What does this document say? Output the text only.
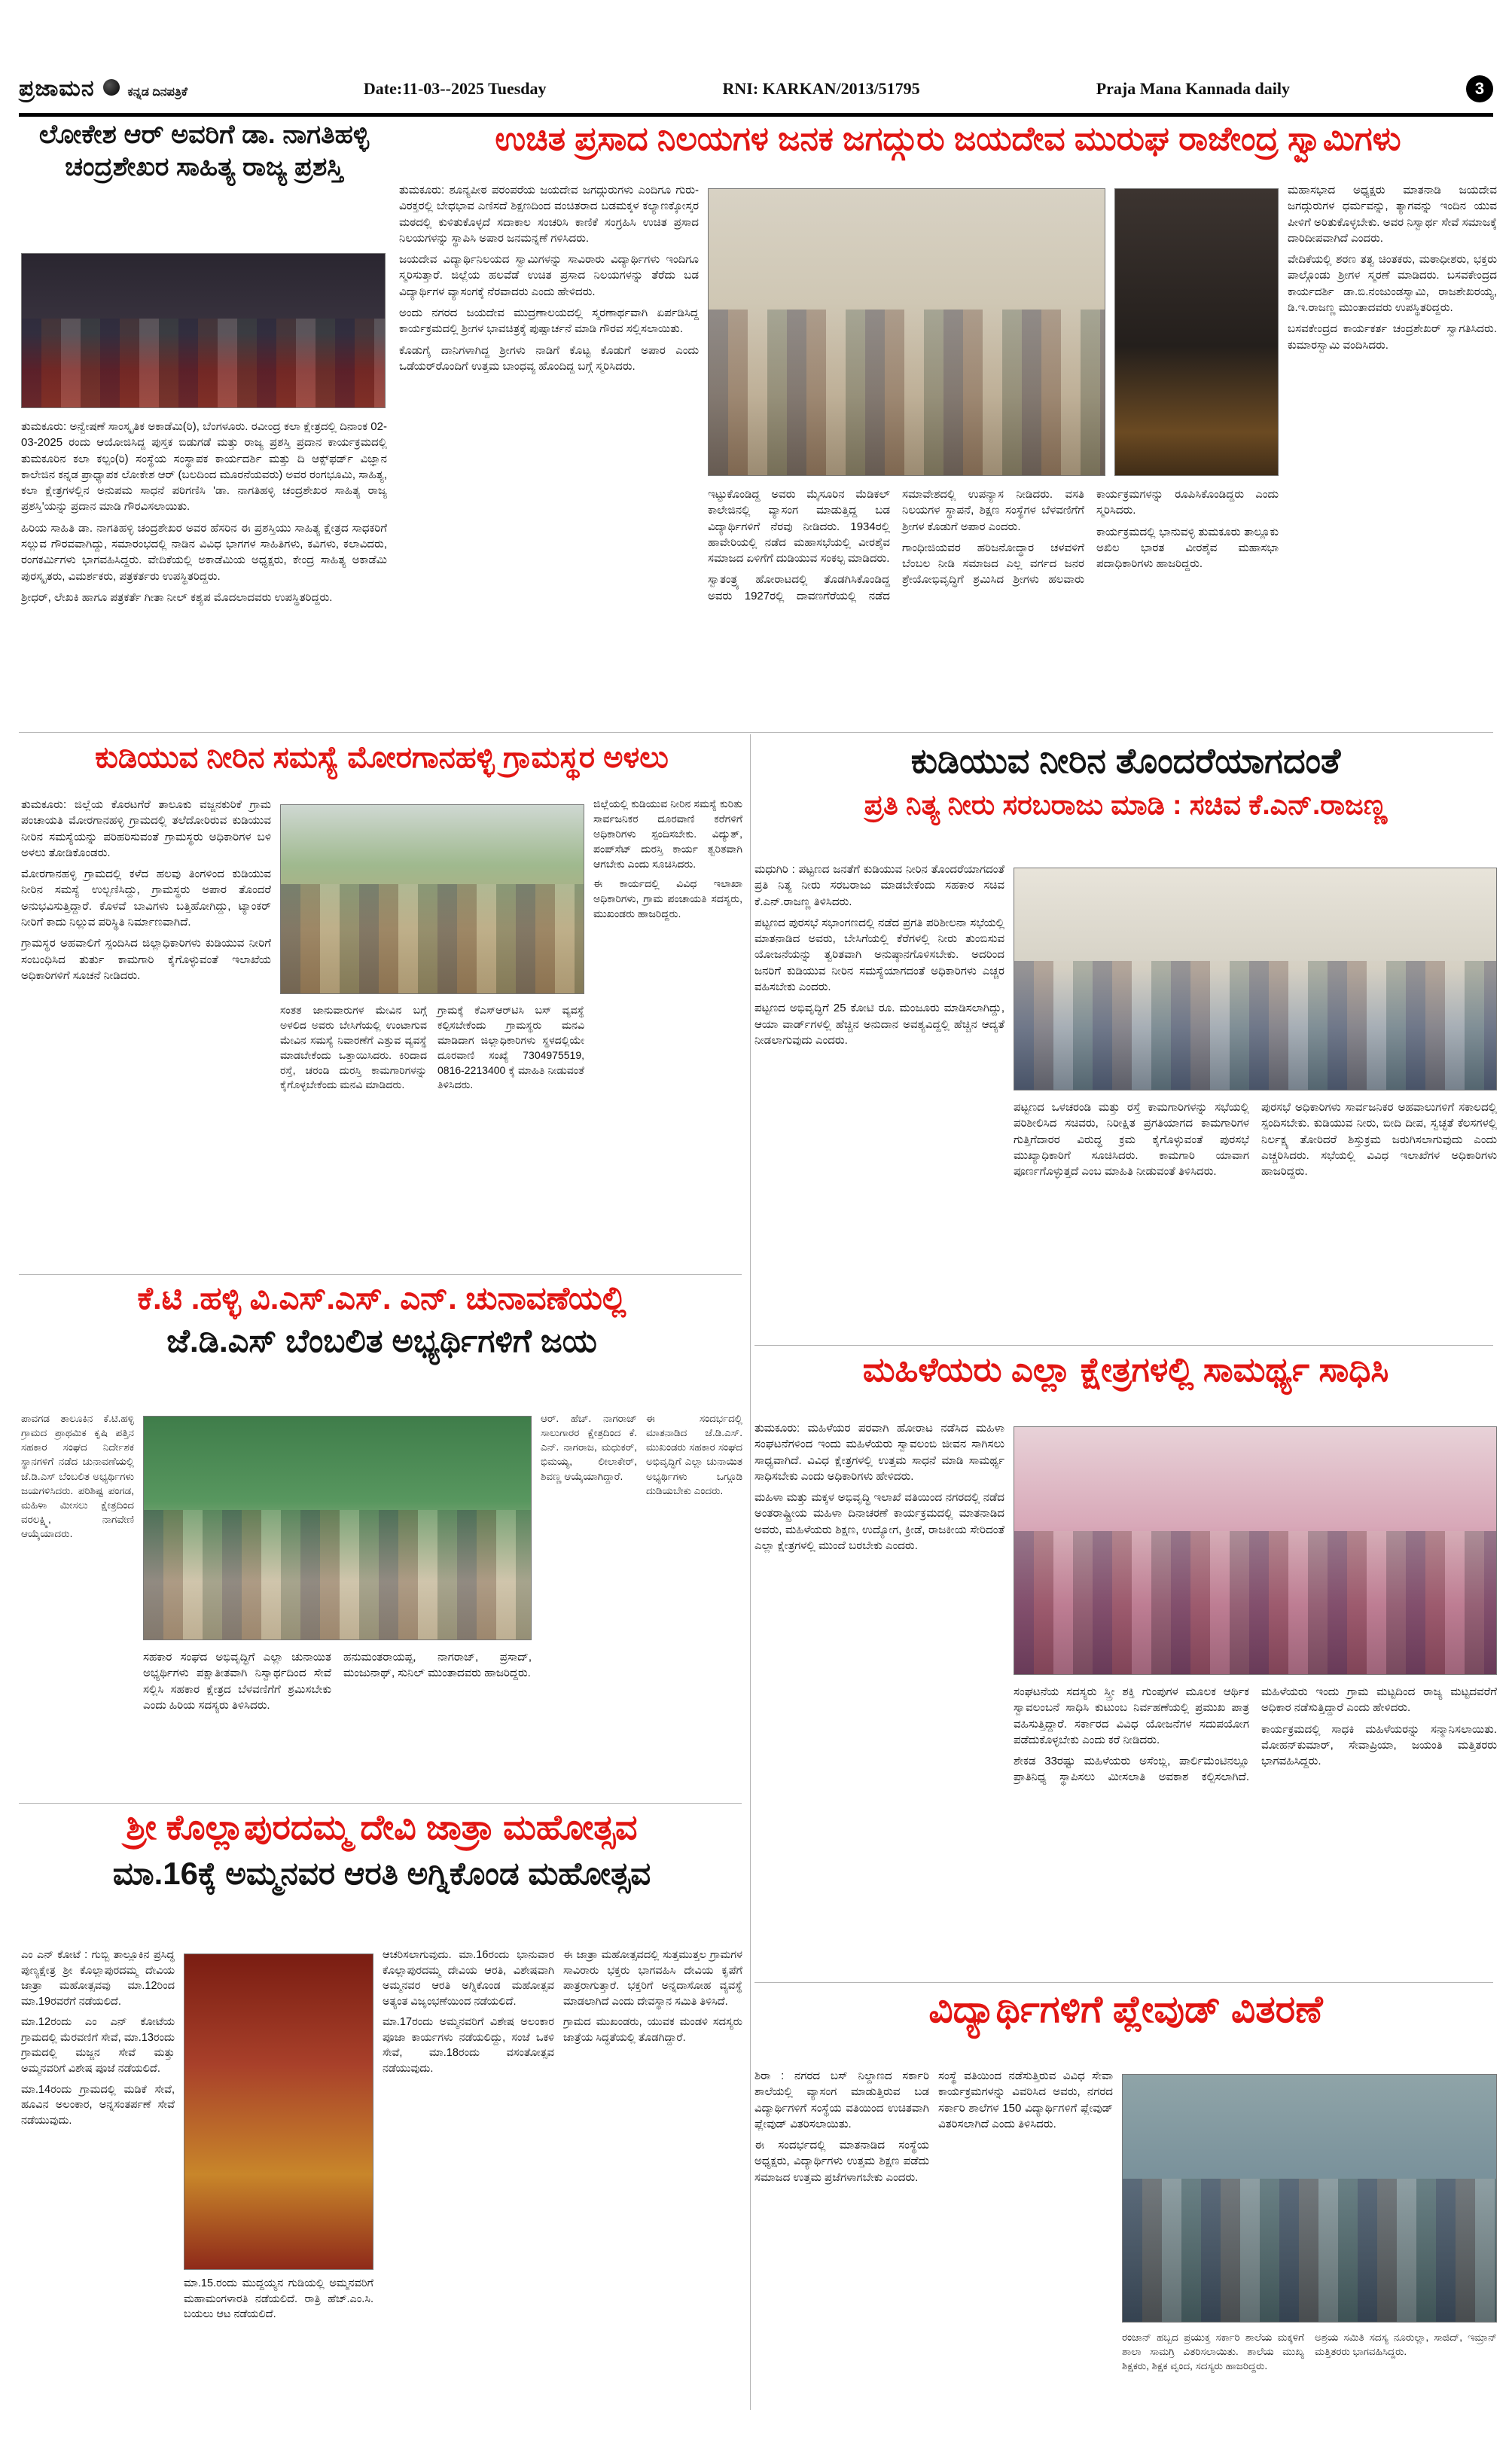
ಪ್ರಜಾಮನ	ಕನ್ನಡ ದಿನಪತ್ರಿಕೆ	Date:11-03--2025 Tuesday	RNI: KARKAN/2013/51795	Praja Mana Kannada daily	3
ಲೋಕೇಶ ಆರ್ ಅವರಿಗೆ ಡಾ. ನಾಗತಿಹಳ್ಳಿ ಚಂದ್ರಶೇಖರ ಸಾಹಿತ್ಯ ರಾಜ್ಯ ಪ್ರಶಸ್ತಿ

ತುಮಕೂರು: ಅನ್ವೇಷಣೆ ಸಾಂಸ್ಕೃತಿಕ ಅಕಾಡೆಮಿ(ರಿ), ಬೆಂಗಳೂರು. ರವೀಂದ್ರ ಕಲಾ ಕ್ಷೇತ್ರದಲ್ಲಿ ದಿನಾಂಕ 02-03-2025 ರಂದು ಆಯೋಜಿಸಿದ್ದ ಪುಸ್ತಕ ಬಿಡುಗಡೆ ಮತ್ತು ರಾಜ್ಯ ಪ್ರಶಸ್ತಿ ಪ್ರದಾನ ಕಾರ್ಯಕ್ರಮದಲ್ಲಿ ತುಮಕೂರಿನ ಕಲಾ ಕಲ್ಪಂ(ರಿ) ಸಂಸ್ಥೆಯ ಸಂಸ್ಥಾಪಕ ಕಾರ್ಯದರ್ಶಿ ಮತ್ತು ದಿ ಆಕ್ಸ್‌ಫರ್ಡ್ ವಿಜ್ಞಾನ ಕಾಲೇಜಿನ ಕನ್ನಡ ಪ್ರಾಧ್ಯಾಪಕ ಲೋಕೇಶ ಆರ್ (ಬಲದಿಂದ ಮೂರನೆಯವರು) ಅವರ ರಂಗಭೂಮಿ, ಸಾಹಿತ್ಯ, ಕಲಾ ಕ್ಷೇತ್ರಗಳಲ್ಲಿನ ಅನುಪಮ ಸಾಧನೆ ಪರಿಗಣಿಸಿ 'ಡಾ. ನಾಗತಿಹಳ್ಳಿ ಚಂದ್ರಶೇಖರ ಸಾಹಿತ್ಯ ರಾಜ್ಯ ಪ್ರಶಸ್ತಿ'ಯನ್ನು ಪ್ರದಾನ ಮಾಡಿ ಗೌರವಿಸಲಾಯಿತು.

ಹಿರಿಯ ಸಾಹಿತಿ ಡಾ. ನಾಗತಿಹಳ್ಳಿ ಚಂದ್ರಶೇಖರ ಅವರ ಹೆಸರಿನ ಈ ಪ್ರಶಸ್ತಿಯು ಸಾಹಿತ್ಯ ಕ್ಷೇತ್ರದ ಸಾಧಕರಿಗೆ ಸಲ್ಲುವ ಗೌರವವಾಗಿದ್ದು, ಸಮಾರಂಭದಲ್ಲಿ ನಾಡಿನ ವಿವಿಧ ಭಾಗಗಳ ಸಾಹಿತಿಗಳು, ಕವಿಗಳು, ಕಲಾವಿದರು, ರಂಗಕರ್ಮಿಗಳು ಭಾಗವಹಿಸಿದ್ದರು. ವೇದಿಕೆಯಲ್ಲಿ ಅಕಾಡೆಮಿಯ ಅಧ್ಯಕ್ಷರು, ಕೇಂದ್ರ ಸಾಹಿತ್ಯ ಅಕಾಡೆಮಿ ಪುರಸ್ಕೃತರು, ವಿಮರ್ಶಕರು, ಪತ್ರಕರ್ತರು ಉಪಸ್ಥಿತರಿದ್ದರು.

ಶ್ರೀಧರ್, ಲೇಖಕಿ ಹಾಗೂ ಪತ್ರಕರ್ತೆ ಗೀತಾ ನೀಲ್ ಕಶ್ಯಪ ಮೊದಲಾದವರು ಉಪಸ್ಥಿತರಿದ್ದರು.

ಉಚಿತ ಪ್ರಸಾದ ನಿಲಯಗಳ ಜನಕ ಜಗದ್ಗುರು ಜಯದೇವ ಮುರುಘ ರಾಜೇಂದ್ರ ಸ್ವಾಮಿಗಳು

ತುಮಕೂರು: ಶೂನ್ಯಪೀಠ ಪರಂಪರೆಯ ಜಯದೇವ ಜಗದ್ಗುರುಗಳು ಎಂದಿಗೂ ಗುರು-ವಿರಕ್ತರಲ್ಲಿ ಬೇಧಭಾವ ಎಣಿಸದೆ ಶಿಕ್ಷಣದಿಂದ ವಂಚಿತರಾದ ಬಡಮಕ್ಕಳ ಕಲ್ಯಾಣಕ್ಕೋಸ್ಕರ ಮಠದಲ್ಲಿ ಕುಳಿತುಕೊಳ್ಳದೆ ಸದಾಕಾಲ ಸಂಚರಿಸಿ ಕಾಣಿಕೆ ಸಂಗ್ರಹಿಸಿ ಉಚಿತ ಪ್ರಸಾದ ನಿಲಯಗಳನ್ನು ಸ್ಥಾಪಿಸಿ ಅಪಾರ ಜನಮನ್ನಣೆ ಗಳಿಸಿದರು.

ಜಯದೇವ ವಿದ್ಯಾರ್ಥಿನಿಲಯದ ಸ್ವಾಮಿಗಳನ್ನು ಸಾವಿರಾರು ವಿದ್ಯಾರ್ಥಿಗಳು ಇಂದಿಗೂ ಸ್ಮರಿಸುತ್ತಾರೆ. ಜಿಲ್ಲೆಯ ಹಲವೆಡೆ ಉಚಿತ ಪ್ರಸಾದ ನಿಲಯಗಳನ್ನು ತೆರೆದು ಬಡ ವಿದ್ಯಾರ್ಥಿಗಳ ವ್ಯಾಸಂಗಕ್ಕೆ ನೆರವಾದರು ಎಂದು ಹೇಳಿದರು.

ಅಂದು ನಗರದ ಜಯದೇವ ಮುದ್ರಣಾಲಯದಲ್ಲಿ ಸ್ಮರಣಾರ್ಥವಾಗಿ ಏರ್ಪಡಿಸಿದ್ದ ಕಾರ್ಯಕ್ರಮದಲ್ಲಿ ಶ್ರೀಗಳ ಭಾವಚಿತ್ರಕ್ಕೆ ಪುಷ್ಪಾರ್ಚನೆ ಮಾಡಿ ಗೌರವ ಸಲ್ಲಿಸಲಾಯಿತು.

ಕೊಡುಗೈ ದಾನಿಗಳಾಗಿದ್ದ ಶ್ರೀಗಳು ನಾಡಿಗೆ ಕೊಟ್ಟ ಕೊಡುಗೆ ಅಪಾರ ಎಂದು ಒಡೆಯರ್‌ರೊಂದಿಗೆ ಉತ್ತಮ ಬಾಂಧವ್ಯ ಹೊಂದಿದ್ದ ಬಗ್ಗೆ ಸ್ಮರಿಸಿದರು.

ಇಟ್ಟುಕೊಂಡಿದ್ದ ಅವರು ಮೈಸೂರಿನ ಮೆಡಿಕಲ್ ಕಾಲೇಜಿನಲ್ಲಿ ವ್ಯಾಸಂಗ ಮಾಡುತ್ತಿದ್ದ ಬಡ ವಿದ್ಯಾರ್ಥಿಗಳಿಗೆ ನೆರವು ನೀಡಿದರು. 1934ರಲ್ಲಿ ಹಾವೇರಿಯಲ್ಲಿ ನಡೆದ ಮಹಾಸಭೆಯಲ್ಲಿ ವೀರಶೈವ ಸಮಾಜದ ಏಳಿಗೆಗೆ ದುಡಿಯುವ ಸಂಕಲ್ಪ ಮಾಡಿದರು.

ಸ್ವಾತಂತ್ರ್ಯ ಹೋರಾಟದಲ್ಲಿ ತೊಡಗಿಸಿಕೊಂಡಿದ್ದ ಅವರು 1927ರಲ್ಲಿ ದಾವಣಗೆರೆಯಲ್ಲಿ ನಡೆದ ಸಮಾವೇಶದಲ್ಲಿ ಉಪನ್ಯಾಸ ನೀಡಿದರು. ವಸತಿ ನಿಲಯಗಳ ಸ್ಥಾಪನೆ, ಶಿಕ್ಷಣ ಸಂಸ್ಥೆಗಳ ಬೆಳವಣಿಗೆಗೆ ಶ್ರೀಗಳ ಕೊಡುಗೆ ಅಪಾರ ಎಂದರು.

ಗಾಂಧೀಜಿಯವರ ಹರಿಜನೋದ್ಧಾರ ಚಳವಳಿಗೆ ಬೆಂಬಲ ನೀಡಿ ಸಮಾಜದ ಎಲ್ಲ ವರ್ಗದ ಜನರ ಶ್ರೇಯೋಭಿವೃದ್ಧಿಗೆ ಶ್ರಮಿಸಿದ ಶ್ರೀಗಳು ಹಲವಾರು ಕಾರ್ಯಕ್ರಮಗಳನ್ನು ರೂಪಿಸಿಕೊಂಡಿದ್ದರು ಎಂದು ಸ್ಮರಿಸಿದರು.

ಕಾರ್ಯಕ್ರಮದಲ್ಲಿ ಭಾನುವಳ್ಳಿ ತುಮಕೂರು ತಾಲ್ಲೂಕು ಅಖಿಲ ಭಾರತ ವೀರಶೈವ ಮಹಾಸಭಾ ಪದಾಧಿಕಾರಿಗಳು ಹಾಜರಿದ್ದರು.

ಮಹಾಸಭಾದ ಅಧ್ಯಕ್ಷರು ಮಾತನಾಡಿ ಜಯದೇವ ಜಗದ್ಗುರುಗಳ ಧರ್ಮವನ್ನು, ತ್ಯಾಗವನ್ನು ಇಂದಿನ ಯುವ ಪೀಳಿಗೆ ಅರಿತುಕೊಳ್ಳಬೇಕು. ಅವರ ನಿಸ್ವಾರ್ಥ ಸೇವೆ ಸಮಾಜಕ್ಕೆ ದಾರಿದೀಪವಾಗಿದೆ ಎಂದರು.

ವೇದಿಕೆಯಲ್ಲಿ ಶರಣ ತತ್ವ ಚಿಂತಕರು, ಮಠಾಧೀಶರು, ಭಕ್ತರು ಪಾಲ್ಗೊಂಡು ಶ್ರೀಗಳ ಸ್ಮರಣೆ ಮಾಡಿದರು. ಬಸವಕೇಂದ್ರದ ಕಾರ್ಯದರ್ಶಿ ಡಾ.ಬಿ.ನಂಜುಂಡಸ್ವಾಮಿ, ರಾಜಶೇಖರಯ್ಯ, ಡಿ.ಇ.ರಾಜಣ್ಣ ಮುಂತಾದವರು ಉಪಸ್ಥಿತರಿದ್ದರು.

ಬಸವಕೇಂದ್ರದ ಕಾರ್ಯಕರ್ತ ಚಂದ್ರಶೇಖರ್ ಸ್ವಾಗತಿಸಿದರು. ಕುಮಾರಸ್ವಾಮಿ ವಂದಿಸಿದರು.

ಕುಡಿಯುವ ನೀರಿನ ಸಮಸ್ಯೆ ಮೋರಗಾನಹಳ್ಳಿ ಗ್ರಾಮಸ್ಥರ ಅಳಲು

ತುಮಕೂರು: ಜಿಲ್ಲೆಯ ಕೊರಟಗೆರೆ ತಾಲೂಕು ವಜ್ಜನಕುರಿಕೆ ಗ್ರಾಮ ಪಂಚಾಯತಿ ಮೋರಗಾನಹಳ್ಳಿ ಗ್ರಾಮದಲ್ಲಿ ತಲೆದೋರಿರುವ ಕುಡಿಯುವ ನೀರಿನ ಸಮಸ್ಯೆಯನ್ನು ಪರಿಹರಿಸುವಂತೆ ಗ್ರಾಮಸ್ಥರು ಅಧಿಕಾರಿಗಳ ಬಳಿ ಅಳಲು ತೋಡಿಕೊಂಡರು.

ಮೋರಗಾನಹಳ್ಳಿ ಗ್ರಾಮದಲ್ಲಿ ಕಳೆದ ಹಲವು ತಿಂಗಳಿಂದ ಕುಡಿಯುವ ನೀರಿನ ಸಮಸ್ಯೆ ಉಲ್ಬಣಿಸಿದ್ದು, ಗ್ರಾಮಸ್ಥರು ಅಪಾರ ತೊಂದರೆ ಅನುಭವಿಸುತ್ತಿದ್ದಾರೆ. ಕೊಳವೆ ಬಾವಿಗಳು ಬತ್ತಿಹೋಗಿದ್ದು, ಟ್ಯಾಂಕರ್ ನೀರಿಗೆ ಕಾದು ನಿಲ್ಲುವ ಪರಿಸ್ಥಿತಿ ನಿರ್ಮಾಣವಾಗಿದೆ.

ಗ್ರಾಮಸ್ಥರ ಅಹವಾಲಿಗೆ ಸ್ಪಂದಿಸಿದ ಜಿಲ್ಲಾಧಿಕಾರಿಗಳು ಕುಡಿಯುವ ನೀರಿಗೆ ಸಂಬಂಧಿಸಿದ ತುರ್ತು ಕಾಮಗಾರಿ ಕೈಗೊಳ್ಳುವಂತೆ ಇಲಾಖೆಯ ಅಧಿಕಾರಿಗಳಿಗೆ ಸೂಚನೆ ನೀಡಿದರು.

ಸಂತತ ಜಾನುವಾರುಗಳ ಮೇವಿನ ಬಗ್ಗೆ ಅಳಲಿದ ಅವರು ಬೇಸಿಗೆಯಲ್ಲಿ ಉಂಟಾಗುವ ಮೇವಿನ ಸಮಸ್ಯೆ ನಿವಾರಣೆಗೆ ಎತ್ತುವ ವ್ಯವಸ್ಥೆ ಮಾಡಬೇಕೆಂದು ಒತ್ತಾಯಿಸಿದರು. ಕಿರಿದಾದ ರಸ್ತೆ, ಚರಂಡಿ ದುರಸ್ತಿ ಕಾಮಗಾರಿಗಳನ್ನು ಕೈಗೊಳ್ಳಬೇಕೆಂದು ಮನವಿ ಮಾಡಿದರು.

ಗ್ರಾಮಕ್ಕೆ ಕೆಎಸ್‌ಆರ್‌ಟಿಸಿ ಬಸ್ ವ್ಯವಸ್ಥೆ ಕಲ್ಪಿಸಬೇಕೆಂದು ಗ್ರಾಮಸ್ಥರು ಮನವಿ ಮಾಡಿದಾಗ ಜಿಲ್ಲಾಧಿಕಾರಿಗಳು ಸ್ಥಳದಲ್ಲಿಯೇ ದೂರವಾಣಿ ಸಂಖ್ಯೆ 7304975519, 0816-2213400 ಕ್ಕೆ ಮಾಹಿತಿ ನೀಡುವಂತೆ ತಿಳಿಸಿದರು.

ಜಿಲ್ಲೆಯಲ್ಲಿ ಕುಡಿಯುವ ನೀರಿನ ಸಮಸ್ಯೆ ಕುರಿತು ಸಾರ್ವಜನಿಕರ ದೂರವಾಣಿ ಕರೆಗಳಿಗೆ ಅಧಿಕಾರಿಗಳು ಸ್ಪಂದಿಸಬೇಕು. ವಿದ್ಯುತ್, ಪಂಪ್‌ಸೆಟ್ ದುರಸ್ತಿ ಕಾರ್ಯ ತ್ವರಿತವಾಗಿ ಆಗಬೇಕು ಎಂದು ಸೂಚಿಸಿದರು.

ಈ ಕಾರ್ಯದಲ್ಲಿ ವಿವಿಧ ಇಲಾಖಾ ಅಧಿಕಾರಿಗಳು, ಗ್ರಾಮ ಪಂಚಾಯತಿ ಸದಸ್ಯರು, ಮುಖಂಡರು ಹಾಜರಿದ್ದರು.

ಕುಡಿಯುವ ನೀರಿನ ತೊಂದರೆಯಾಗದಂತೆ
ಪ್ರತಿ ನಿತ್ಯ ನೀರು ಸರಬರಾಜು ಮಾಡಿ : ಸಚಿವ ಕೆ.ಎನ್.ರಾಜಣ್ಣ

ಮಧುಗಿರಿ : ಪಟ್ಟಣದ ಜನತೆಗೆ ಕುಡಿಯುವ ನೀರಿನ ತೊಂದರೆಯಾಗದಂತೆ ಪ್ರತಿ ನಿತ್ಯ ನೀರು ಸರಬರಾಜು ಮಾಡಬೇಕೆಂದು ಸಹಕಾರ ಸಚಿವ ಕೆ.ಎನ್.ರಾಜಣ್ಣ ತಿಳಿಸಿದರು.

ಪಟ್ಟಣದ ಪುರಸಭೆ ಸಭಾಂಗಣದಲ್ಲಿ ನಡೆದ ಪ್ರಗತಿ ಪರಿಶೀಲನಾ ಸಭೆಯಲ್ಲಿ ಮಾತನಾಡಿದ ಅವರು, ಬೇಸಿಗೆಯಲ್ಲಿ ಕೆರೆಗಳಲ್ಲಿ ನೀರು ತುಂಬಿಸುವ ಯೋಜನೆಯನ್ನು ತ್ವರಿತವಾಗಿ ಅನುಷ್ಠಾನಗೊಳಿಸಬೇಕು. ಅದರಿಂದ ಜನರಿಗೆ ಕುಡಿಯುವ ನೀರಿನ ಸಮಸ್ಯೆಯಾಗದಂತೆ ಅಧಿಕಾರಿಗಳು ಎಚ್ಚರ ವಹಿಸಬೇಕು ಎಂದರು.

ಪಟ್ಟಣದ ಅಭಿವೃದ್ಧಿಗೆ 25 ಕೋಟಿ ರೂ. ಮಂಜೂರು ಮಾಡಿಸಲಾಗಿದ್ದು, ಆಯಾ ವಾರ್ಡ್‌ಗಳಲ್ಲಿ ಹೆಚ್ಚಿನ ಅನುದಾನ ಅವಶ್ಯವಿದ್ದಲ್ಲಿ ಹೆಚ್ಚಿನ ಆದ್ಯತೆ ನೀಡಲಾಗುವುದು ಎಂದರು.

ಪಟ್ಟಣದ ಒಳಚರಂಡಿ ಮತ್ತು ರಸ್ತೆ ಕಾಮಗಾರಿಗಳನ್ನು ಸಭೆಯಲ್ಲಿ ಪರಿಶೀಲಿಸಿದ ಸಚಿವರು, ನಿರೀಕ್ಷಿತ ಪ್ರಗತಿಯಾಗದ ಕಾಮಗಾರಿಗಳ ಗುತ್ತಿಗೆದಾರರ ವಿರುದ್ಧ ಕ್ರಮ ಕೈಗೊಳ್ಳುವಂತೆ ಪುರಸಭೆ ಮುಖ್ಯಾಧಿಕಾರಿಗೆ ಸೂಚಿಸಿದರು. ಕಾಮಗಾರಿ ಯಾವಾಗ ಪೂರ್ಣಗೊಳ್ಳುತ್ತದೆ ಎಂಬ ಮಾಹಿತಿ ನೀಡುವಂತೆ ತಿಳಿಸಿದರು.

ಪುರಸಭೆ ಅಧಿಕಾರಿಗಳು ಸಾರ್ವಜನಿಕರ ಅಹವಾಲುಗಳಿಗೆ ಸಕಾಲದಲ್ಲಿ ಸ್ಪಂದಿಸಬೇಕು. ಕುಡಿಯುವ ನೀರು, ಬೀದಿ ದೀಪ, ಸ್ವಚ್ಛತೆ ಕೆಲಸಗಳಲ್ಲಿ ನಿರ್ಲಕ್ಷ್ಯ ತೋರಿದರೆ ಶಿಸ್ತುಕ್ರಮ ಜರುಗಿಸಲಾಗುವುದು ಎಂದು ಎಚ್ಚರಿಸಿದರು. ಸಭೆಯಲ್ಲಿ ವಿವಿಧ ಇಲಾಖೆಗಳ ಅಧಿಕಾರಿಗಳು ಹಾಜರಿದ್ದರು.

ಕೆ.ಟಿ .ಹಳ್ಳಿ ವಿ.ಎಸ್.ಎಸ್. ಎನ್. ಚುನಾವಣೆಯಲ್ಲಿ
ಜೆ.ಡಿ.ಎಸ್ ಬೆಂಬಲಿತ ಅಭ್ಯರ್ಥಿಗಳಿಗೆ ಜಯ

ಪಾವಗಡ ತಾಲೂಕಿನ ಕೆ.ಟಿ.ಹಳ್ಳಿ ಗ್ರಾಮದ ಪ್ರಾಥಮಿಕ ಕೃಷಿ ಪತ್ತಿನ ಸಹಕಾರ ಸಂಘದ ನಿರ್ದೇಶಕ ಸ್ಥಾನಗಳಿಗೆ ನಡೆದ ಚುನಾವಣೆಯಲ್ಲಿ ಜೆ.ಡಿ.ಎಸ್ ಬೆಂಬಲಿತ ಅಭ್ಯರ್ಥಿಗಳು ಜಯಗಳಿಸಿದರು. ಪರಿಶಿಷ್ಟ ಪಂಗಡ, ಮಹಿಳಾ ಮೀಸಲು ಕ್ಷೇತ್ರದಿಂದ ವರಲಕ್ಷ್ಮಿ, ನಾಗವೇಣಿ ಆಯ್ಕೆಯಾದರು.

ಆರ್. ಹೆಚ್. ನಾಗರಾಜ್ ಸಾಲುಗಾರರ ಕ್ಷೇತ್ರದಿಂದ ಕೆ. ಎನ್. ನಾಗರಾಜ, ಮಧುಕರ್, ಭಿಮಯ್ಯ, ಲೀಲಾಕೇರ್, ಶಿವಣ್ಣ ಆಯ್ಕೆಯಾಗಿದ್ದಾರೆ.

ಈ ಸಂದರ್ಭದಲ್ಲಿ ಮಾತನಾಡಿದ ಜೆ.ಡಿ.ಎಸ್. ಮುಖಂಡರು ಸಹಕಾರ ಸಂಘದ ಅಭಿವೃದ್ಧಿಗೆ ಎಲ್ಲಾ ಚುನಾಯಿತ ಅಭ್ಯರ್ಥಿಗಳು ಒಗ್ಗೂಡಿ ದುಡಿಯಬೇಕು ಎಂದರು.

ಸಹಕಾರ ಸಂಘದ ಅಭಿವೃದ್ಧಿಗೆ ಎಲ್ಲಾ ಚುನಾಯಿತ ಅಭ್ಯರ್ಥಿಗಳು ಪಕ್ಷಾತೀತವಾಗಿ ನಿಸ್ವಾರ್ಥದಿಂದ ಸೇವೆ ಸಲ್ಲಿಸಿ ಸಹಕಾರ ಕ್ಷೇತ್ರದ ಬೆಳವಣಿಗೆಗೆ ಶ್ರಮಿಸಬೇಕು ಎಂದು ಹಿರಿಯ ಸದಸ್ಯರು ತಿಳಿಸಿದರು.

ಹನುಮಂತರಾಯಪ್ಪ, ನಾಗರಾಜ್, ಪ್ರಸಾದ್, ಮಂಜುನಾಥ್, ಸುನಿಲ್ ಮುಂತಾದವರು ಹಾಜರಿದ್ದರು.

ಮಹಿಳೆಯರು ಎಲ್ಲಾ ಕ್ಷೇತ್ರಗಳಲ್ಲಿ ಸಾಮರ್ಥ್ಯ ಸಾಧಿಸಿ

ತುಮಕೂರು: ಮಹಿಳೆಯರ ಪರವಾಗಿ ಹೋರಾಟ ನಡೆಸಿದ ಮಹಿಳಾ ಸಂಘಟನೆಗಳಿಂದ ಇಂದು ಮಹಿಳೆಯರು ಸ್ವಾವಲಂಬಿ ಜೀವನ ಸಾಗಿಸಲು ಸಾಧ್ಯವಾಗಿದೆ. ವಿವಿಧ ಕ್ಷೇತ್ರಗಳಲ್ಲಿ ಉತ್ತಮ ಸಾಧನೆ ಮಾಡಿ ಸಾಮರ್ಥ್ಯ ಸಾಧಿಸಬೇಕು ಎಂದು ಅಧಿಕಾರಿಗಳು ಹೇಳಿದರು.

ಮಹಿಳಾ ಮತ್ತು ಮಕ್ಕಳ ಅಭಿವೃದ್ಧಿ ಇಲಾಖೆ ವತಿಯಿಂದ ನಗರದಲ್ಲಿ ನಡೆದ ಅಂತರಾಷ್ಟ್ರೀಯ ಮಹಿಳಾ ದಿನಾಚರಣೆ ಕಾರ್ಯಕ್ರಮದಲ್ಲಿ ಮಾತನಾಡಿದ ಅವರು, ಮಹಿಳೆಯರು ಶಿಕ್ಷಣ, ಉದ್ಯೋಗ, ಕ್ರೀಡೆ, ರಾಜಕೀಯ ಸೇರಿದಂತೆ ಎಲ್ಲಾ ಕ್ಷೇತ್ರಗಳಲ್ಲಿ ಮುಂದೆ ಬರಬೇಕು ಎಂದರು.

ಸಂಘಟನೆಯ ಸದಸ್ಯರು ಸ್ತ್ರೀ ಶಕ್ತಿ ಗುಂಪುಗಳ ಮೂಲಕ ಆರ್ಥಿಕ ಸ್ವಾವಲಂಬನೆ ಸಾಧಿಸಿ ಕುಟುಂಬ ನಿರ್ವಹಣೆಯಲ್ಲಿ ಪ್ರಮುಖ ಪಾತ್ರ ವಹಿಸುತ್ತಿದ್ದಾರೆ. ಸರ್ಕಾರದ ವಿವಿಧ ಯೋಜನೆಗಳ ಸದುಪಯೋಗ ಪಡೆದುಕೊಳ್ಳಬೇಕು ಎಂದು ಕರೆ ನೀಡಿದರು.

ಶೇಕಡ 33ರಷ್ಟು ಮಹಿಳೆಯರು ಅಸೆಂಬ್ಲಿ, ಪಾರ್ಲಿಮೆಂಟಿನಲ್ಲೂ ಪ್ರಾತಿನಿಧ್ಯ ಸ್ಥಾಪಿಸಲು ಮೀಸಲಾತಿ ಅವಕಾಶ ಕಲ್ಪಿಸಲಾಗಿದೆ. ಮಹಿಳೆಯರು ಇಂದು ಗ್ರಾಮ ಮಟ್ಟದಿಂದ ರಾಜ್ಯ ಮಟ್ಟದವರೆಗೆ ಅಧಿಕಾರ ನಡೆಸುತ್ತಿದ್ದಾರೆ ಎಂದು ಹೇಳಿದರು.

ಕಾರ್ಯಕ್ರಮದಲ್ಲಿ ಸಾಧಕಿ ಮಹಿಳೆಯರನ್ನು ಸನ್ಮಾನಿಸಲಾಯಿತು. ಮೋಹನ್‌ಕುಮಾರ್, ಸೇವಾಪ್ರಿಯಾ, ಜಯಂತಿ ಮತ್ತಿತರರು ಭಾಗವಹಿಸಿದ್ದರು.

ಶ್ರೀ ಕೊಲ್ಲಾಪುರದಮ್ಮ ದೇವಿ ಜಾತ್ರಾ ಮಹೋತ್ಸವ
ಮಾ.16ಕ್ಕೆ ಅಮ್ಮನವರ ಆರತಿ ಅಗ್ನಿಕೊಂಡ ಮಹೋತ್ಸವ

ಎಂ ಎನ್ ಕೋಟೆ : ಗುಬ್ಬಿ ತಾಲ್ಲೂಕಿನ ಪ್ರಸಿದ್ಧ ಪುಣ್ಯಕ್ಷೇತ್ರ ಶ್ರೀ ಕೊಲ್ಲಾಪುರದಮ್ಮ ದೇವಿಯ ಜಾತ್ರಾ ಮಹೋತ್ಸವವು ಮಾ.12ರಿಂದ ಮಾ.19ರವರೆಗೆ ನಡೆಯಲಿದೆ.

ಮಾ.12ರಂದು ಎಂ ಎನ್ ಕೋಟೆಯ ಗ್ರಾಮದಲ್ಲಿ ಮೆರವಣಿಗೆ ಸೇವೆ, ಮಾ.13ರಂದು ಗ್ರಾಮದಲ್ಲಿ ಮಜ್ಜನ ಸೇವೆ ಮತ್ತು ಅಮ್ಮನವರಿಗೆ ವಿಶೇಷ ಪೂಜೆ ನಡೆಯಲಿದೆ.

ಮಾ.14ರಂದು ಗ್ರಾಮದಲ್ಲಿ ಮಡಿಕೆ ಸೇವೆ, ಹೂವಿನ ಅಲಂಕಾರ, ಅನ್ನಸಂತರ್ಪಣೆ ಸೇವೆ ನಡೆಯುವುದು.

ಮಾ.15.ರಂದು ಮುದ್ದಯ್ಯನ ಗುಡಿಯಲ್ಲಿ ಅಮ್ಮನವರಿಗೆ ಮಹಾಮಂಗಳಾರತಿ ನಡೆಯಲಿದೆ. ರಾತ್ರಿ ಹೆಚ್.ಎಂ.ಸಿ. ಬಯಲು ಆಟ ನಡೆಯಲಿದೆ.

ಆಚರಿಸಲಾಗುವುದು. ಮಾ.16ರಂದು ಭಾನುವಾರ ಕೊಲ್ಲಾಪುರದಮ್ಮ ದೇವಿಯ ಆರತಿ, ವಿಶೇಷವಾಗಿ ಅಮ್ಮನವರ ಆರತಿ ಅಗ್ನಿಕೊಂಡ ಮಹೋತ್ಸವ ಅತ್ಯಂತ ವಿಜೃಂಭಣೆಯಿಂದ ನಡೆಯಲಿದೆ.

ಮಾ.17ರಂದು ಅಮ್ಮನವರಿಗೆ ವಿಶೇಷ ಅಲಂಕಾರ ಪೂಜಾ ಕಾರ್ಯಗಳು ನಡೆಯಲಿದ್ದು, ಸಂಜೆ ಒಕಳಿ ಸೇವೆ, ಮಾ.18ರಂದು ವಸಂತೋತ್ಸವ ನಡೆಯುವುದು.

ಈ ಜಾತ್ರಾ ಮಹೋತ್ಸವದಲ್ಲಿ ಸುತ್ತಮುತ್ತಲ ಗ್ರಾಮಗಳ ಸಾವಿರಾರು ಭಕ್ತರು ಭಾಗವಹಿಸಿ ದೇವಿಯ ಕೃಪೆಗೆ ಪಾತ್ರರಾಗುತ್ತಾರೆ. ಭಕ್ತರಿಗೆ ಅನ್ನದಾಸೋಹ ವ್ಯವಸ್ಥೆ ಮಾಡಲಾಗಿದೆ ಎಂದು ದೇವಸ್ಥಾನ ಸಮಿತಿ ತಿಳಿಸಿದೆ.

ಗ್ರಾಮದ ಮುಖಂಡರು, ಯುವಕ ಮಂಡಳಿ ಸದಸ್ಯರು ಜಾತ್ರೆಯ ಸಿದ್ಧತೆಯಲ್ಲಿ ತೊಡಗಿದ್ದಾರೆ.

ವಿದ್ಯಾರ್ಥಿಗಳಿಗೆ ಪ್ಲೇವುಡ್ ವಿತರಣೆ

ಶಿರಾ : ನಗರದ ಬಸ್ ನಿಲ್ದಾಣದ ಸರ್ಕಾರಿ ಶಾಲೆಯಲ್ಲಿ ವ್ಯಾಸಂಗ ಮಾಡುತ್ತಿರುವ ಬಡ ವಿದ್ಯಾರ್ಥಿಗಳಿಗೆ ಸಂಸ್ಥೆಯ ವತಿಯಿಂದ ಉಚಿತವಾಗಿ ಪ್ಲೇವುಡ್ ವಿತರಿಸಲಾಯಿತು.

ಈ ಸಂದರ್ಭದಲ್ಲಿ ಮಾತನಾಡಿದ ಸಂಸ್ಥೆಯ ಅಧ್ಯಕ್ಷರು, ವಿದ್ಯಾರ್ಥಿಗಳು ಉತ್ತಮ ಶಿಕ್ಷಣ ಪಡೆದು ಸಮಾಜದ ಉತ್ತಮ ಪ್ರಜೆಗಳಾಗಬೇಕು ಎಂದರು.

ಸಂಸ್ಥೆ ವತಿಯಿಂದ ನಡೆಸುತ್ತಿರುವ ವಿವಿಧ ಸೇವಾ ಕಾರ್ಯಕ್ರಮಗಳನ್ನು ವಿವರಿಸಿದ ಅವರು, ನಗರದ ಸರ್ಕಾರಿ ಶಾಲೆಗಳ 150 ವಿದ್ಯಾರ್ಥಿಗಳಿಗೆ ಪ್ಲೇವುಡ್ ವಿತರಿಸಲಾಗಿದೆ ಎಂದು ತಿಳಿಸಿದರು.

ರಂಜಾನ್ ಹಬ್ಬದ ಪ್ರಯುಕ್ತ ಸರ್ಕಾರಿ ಶಾಲೆಯ ಮಕ್ಕಳಿಗೆ ಶಾಲಾ ಸಾಮಗ್ರಿ ವಿತರಿಸಲಾಯಿತು. ಶಾಲೆಯ ಮುಖ್ಯ ಶಿಕ್ಷಕರು, ಶಿಕ್ಷಕ ವೃಂದ, ಸದಸ್ಯರು ಹಾಜರಿದ್ದರು.

ಅಶ್ರಯ ಸಮಿತಿ ಸದಸ್ಯ ನೂರುಲ್ಲಾ, ಸಾಜಿದ್, ಇಮ್ರಾನ್ ಮತ್ತಿತರರು ಭಾಗವಹಿಸಿದ್ದರು.
